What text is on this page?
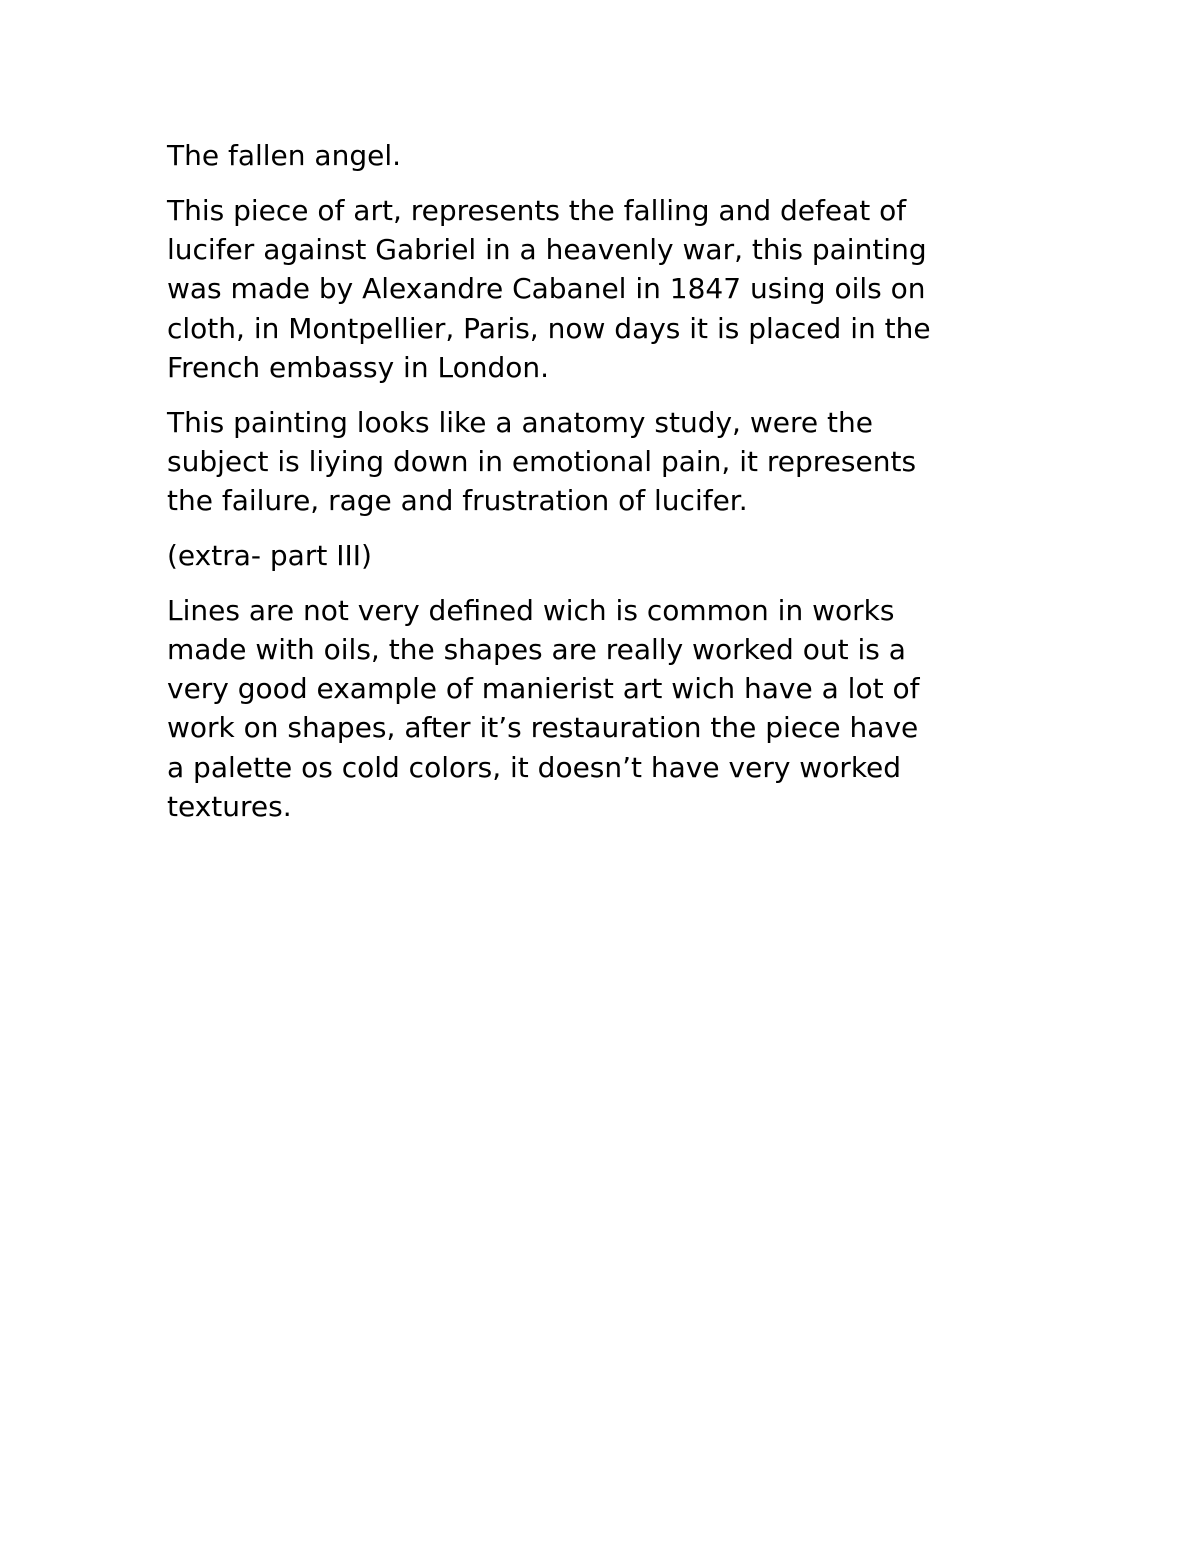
The fallen angel.

This piece of art, represents the falling and defeat of
lucifer against Gabriel in a heavenly war, this painting
was made by Alexandre Cabanel in 1847 using oils on
cloth, in Montpellier, Paris, now days it is placed in the
French embassy in London.

This painting looks like a anatomy study, were the
subject is liying down in emotional pain, it represents
the failure, rage and frustration of lucifer.

(extra- part III)

Lines are not very defined wich is common in works
made with oils, the shapes are really worked out is a
very good example of manierist art wich have a lot of
work on shapes, after it’s restauration the piece have
a palette os cold colors, it doesn’t have very worked
textures.
